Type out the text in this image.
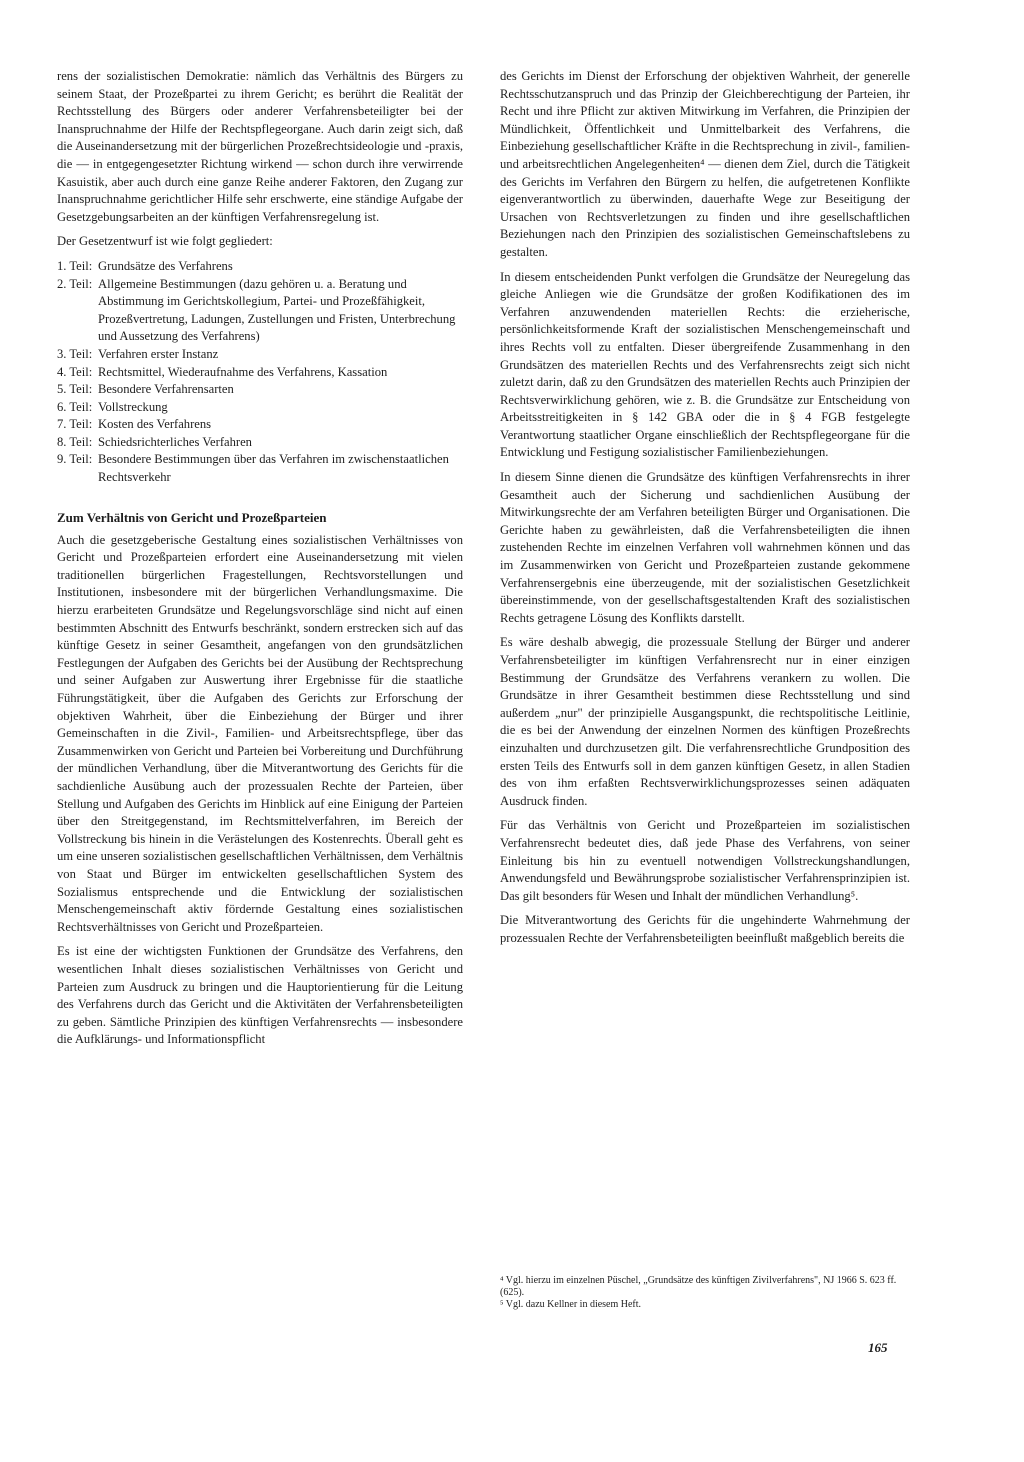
rens der sozialistischen Demokratie: nämlich das Verhältnis des Bürgers zu seinem Staat, der Prozeßpartei zu ihrem Gericht; es berührt die Realität der Rechtsstellung des Bürgers oder anderer Verfahrensbeteiligter bei der Inanspruchnahme der Hilfe der Rechtspflegeorgane. Auch darin zeigt sich, daß die Auseinandersetzung mit der bürgerlichen Prozeßrechtsideologie und -praxis, die — in entgegengesetzter Richtung wirkend — schon durch ihre verwirrende Kasuistik, aber auch durch eine ganze Reihe anderer Faktoren, den Zugang zur Inanspruchnahme gerichtlicher Hilfe sehr erschwerte, eine ständige Aufgabe der Gesetzgebungsarbeiten an der künftigen Verfahrensregelung ist.

Der Gesetzentwurf ist wie folgt gegliedert:

1. Teil: Grundsätze des Verfahrens
2. Teil: Allgemeine Bestimmungen (dazu gehören u. a. Beratung und Abstimmung im Gerichtskollegium, Partei- und Prozeßfähigkeit, Prozeßvertretung, Ladungen, Zustellungen und Fristen, Unterbrechung und Aussetzung des Verfahrens)
3. Teil: Verfahren erster Instanz
4. Teil: Rechtsmittel, Wiederaufnahme des Verfahrens, Kassation
5. Teil: Besondere Verfahrensarten
6. Teil: Vollstreckung
7. Teil: Kosten des Verfahrens
8. Teil: Schiedsrichterliches Verfahren
9. Teil: Besondere Bestimmungen über das Verfahren im zwischenstaatlichen Rechtsverkehr
Zum Verhältnis von Gericht und Prozeßparteien

Auch die gesetzgeberische Gestaltung eines sozialistischen Verhältnisses von Gericht und Prozeßparteien erfordert eine Auseinandersetzung mit vielen traditionellen bürgerlichen Fragestellungen, Rechtsvorstellungen und Institutionen, insbesondere mit der bürgerlichen Verhandlungsmaxime. Die hierzu erarbeiteten Grundsätze und Regelungsvorschläge sind nicht auf einen bestimmten Abschnitt des Entwurfs beschränkt, sondern erstrecken sich auf das künftige Gesetz in seiner Gesamtheit, angefangen von den grundsätzlichen Festlegungen der Aufgaben des Gerichts bei der Ausübung der Rechtsprechung und seiner Aufgaben zur Auswertung ihrer Ergebnisse für die staatliche Führungstätigkeit, über die Aufgaben des Gerichts zur Erforschung der objektiven Wahrheit, über die Einbeziehung der Bürger und ihrer Gemeinschaften in die Zivil-, Familien- und Arbeitsrechtspflege, über das Zusammenwirken von Gericht und Parteien bei Vorbereitung und Durchführung der mündlichen Verhandlung, über die Mitverantwortung des Gerichts für die sachdienliche Ausübung auch der prozessualen Rechte der Parteien, über Stellung und Aufgaben des Gerichts im Hinblick auf eine Einigung der Parteien über den Streitgegenstand, im Rechtsmittelverfahren, im Bereich der Vollstreckung bis hinein in die Verästelungen des Kostenrechts. Überall geht es um eine unseren sozialistischen gesellschaftlichen Verhältnissen, dem Verhältnis von Staat und Bürger im entwickelten gesellschaftlichen System des Sozialismus entsprechende und die Entwicklung der sozialistischen Menschengemeinschaft aktiv fördernde Gestaltung eines sozialistischen Rechtsverhältnisses von Gericht und Prozeßparteien.

Es ist eine der wichtigsten Funktionen der Grundsätze des Verfahrens, den wesentlichen Inhalt dieses sozialistischen Verhältnisses von Gericht und Parteien zum Ausdruck zu bringen und die Hauptorientierung für die Leitung des Verfahrens durch das Gericht und die Aktivitäten der Verfahrensbeteiligten zu geben. Sämtliche Prinzipien des künftigen Verfahrensrechts — insbesondere die Aufklärungs- und Informationspflicht

des Gerichts im Dienst der Erforschung der objektiven Wahrheit, der generelle Rechtsschutzanspruch und das Prinzip der Gleichberechtigung der Parteien, ihr Recht und ihre Pflicht zur aktiven Mitwirkung im Verfahren, die Prinzipien der Mündlichkeit, Öffentlichkeit und Unmittelbarkeit des Verfahrens, die Einbeziehung gesellschaftlicher Kräfte in die Rechtsprechung in zivil-, familien- und arbeitsrechtlichen Angelegenheiten⁴ — dienen dem Ziel, durch die Tätigkeit des Gerichts im Verfahren den Bürgern zu helfen, die aufgetretenen Konflikte eigenverantwortlich zu überwinden, dauerhafte Wege zur Beseitigung der Ursachen von Rechtsverletzungen zu finden und ihre gesellschaftlichen Beziehungen nach den Prinzipien des sozialistischen Gemeinschaftslebens zu gestalten.

In diesem entscheidenden Punkt verfolgen die Grundsätze der Neuregelung das gleiche Anliegen wie die Grundsätze der großen Kodifikationen des im Verfahren anzuwendenden materiellen Rechts: die erzieherische, persönlichkeitsformende Kraft der sozialistischen Menschengemeinschaft und ihres Rechts voll zu entfalten. Dieser übergreifende Zusammenhang in den Grundsätzen des materiellen Rechts und des Verfahrensrechts zeigt sich nicht zuletzt darin, daß zu den Grundsätzen des materiellen Rechts auch Prinzipien der Rechtsverwirklichung gehören, wie z. B. die Grundsätze zur Entscheidung von Arbeitsstreitigkeiten in § 142 GBA oder die in § 4 FGB festgelegte Verantwortung staatlicher Organe einschließlich der Rechtspflegeorgane für die Entwicklung und Festigung sozialistischer Familienbeziehungen.

In diesem Sinne dienen die Grundsätze des künftigen Verfahrensrechts in ihrer Gesamtheit auch der Sicherung und sachdienlichen Ausübung der Mitwirkungsrechte der am Verfahren beteiligten Bürger und Organisationen. Die Gerichte haben zu gewährleisten, daß die Verfahrensbeteiligten die ihnen zustehenden Rechte im einzelnen Verfahren voll wahrnehmen können und das im Zusammenwirken von Gericht und Prozeßparteien zustande gekommene Verfahrensergebnis eine überzeugende, mit der sozialistischen Gesetzlichkeit übereinstimmende, von der gesellschaftsgestaltenden Kraft des sozialistischen Rechts getragene Lösung des Konflikts darstellt.

Es wäre deshalb abwegig, die prozessuale Stellung der Bürger und anderer Verfahrensbeteiligter im künftigen Verfahrensrecht nur in einer einzigen Bestimmung der Grundsätze des Verfahrens verankern zu wollen. Die Grundsätze in ihrer Gesamtheit bestimmen diese Rechtsstellung und sind außerdem „nur" der prinzipielle Ausgangspunkt, die rechtspolitische Leitlinie, die es bei der Anwendung der einzelnen Normen des künftigen Prozeßrechts einzuhalten und durchzusetzen gilt. Die verfahrensrechtliche Grundposition des ersten Teils des Entwurfs soll in dem ganzen künftigen Gesetz, in allen Stadien des von ihm erfaßten Rechtsverwirklichungsprozesses seinen adäquaten Ausdruck finden.

Für das Verhältnis von Gericht und Prozeßparteien im sozialistischen Verfahrensrecht bedeutet dies, daß jede Phase des Verfahrens, von seiner Einleitung bis hin zu eventuell notwendigen Vollstreckungshandlungen, Anwendungsfeld und Bewährungsprobe sozialistischer Verfahrensprinzipien ist. Das gilt besonders für Wesen und Inhalt der mündlichen Verhandlung⁵.

Die Mitverantwortung des Gerichts für die ungehinderte Wahrnehmung der prozessualen Rechte der Verfahrensbeteiligten beeinflußt maßgeblich bereits die

⁴ Vgl. hierzu im einzelnen Püschel, „Grundsätze des künftigen Zivilverfahrens", NJ 1966 S. 623 ff. (625).

⁵ Vgl. dazu Kellner in diesem Heft.

165
